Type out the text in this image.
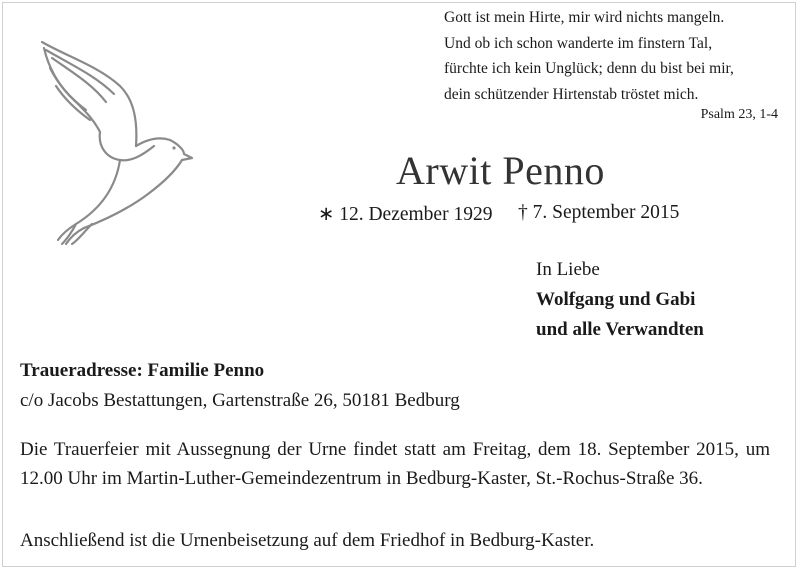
Gott ist mein Hirte, mir wird nichts mangeln.
Und ob ich schon wanderte im finstern Tal,
fürchte ich kein Unglück; denn du bist bei mir,
dein schützender Hirtenstab tröstet mich.
Psalm 23, 1-4
Arwit Penno
∗ 12. Dezember 1929 † 7. September 2015
In Liebe
Wolfgang und Gabi
und alle Verwandten
Traueradresse: Familie Penno
c/o Jacobs Bestattungen, Gartenstraße 26, 50181 Bedburg
Die Trauerfeier mit Aussegnung der Urne findet statt am Freitag, dem 18. September 2015, um 12.00 Uhr im Martin-Luther-Gemeindezentrum in Bedburg-Kaster, St.-Rochus-Straße 36.
Anschließend ist die Urnenbeisetzung auf dem Friedhof in Bedburg-Kaster.
